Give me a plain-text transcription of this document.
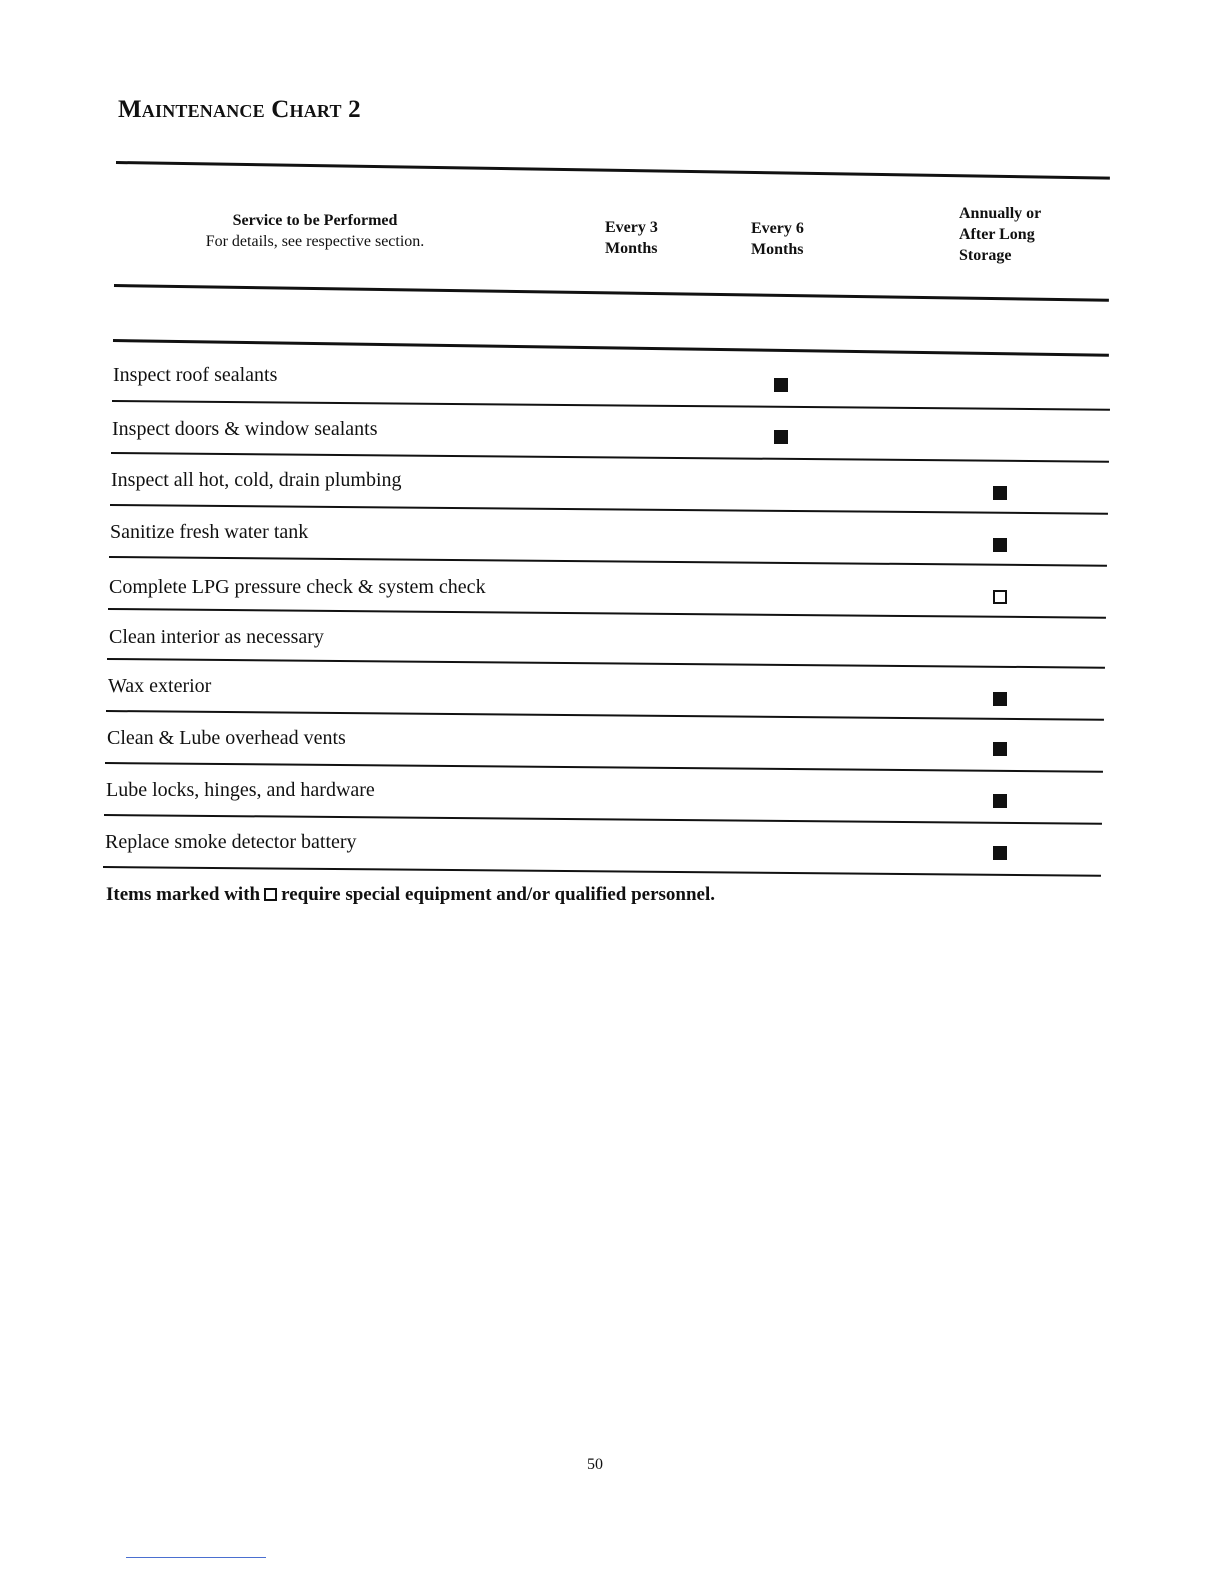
Maintenance Chart 2
Service to be Performed
For details, see respective section.
Every 3
Months
Every 6
Months
Annually or
After Long
Storage
Inspect roof sealants
Inspect doors & window sealants
Inspect all hot, cold, drain plumbing
Sanitize fresh water tank
Complete LPG pressure check & system check
Clean interior as necessary
Wax exterior
Clean & Lube overhead vents
Lube locks, hinges, and hardware
Replace smoke detector battery
Items marked with require special equipment and/or qualified personnel.
50
